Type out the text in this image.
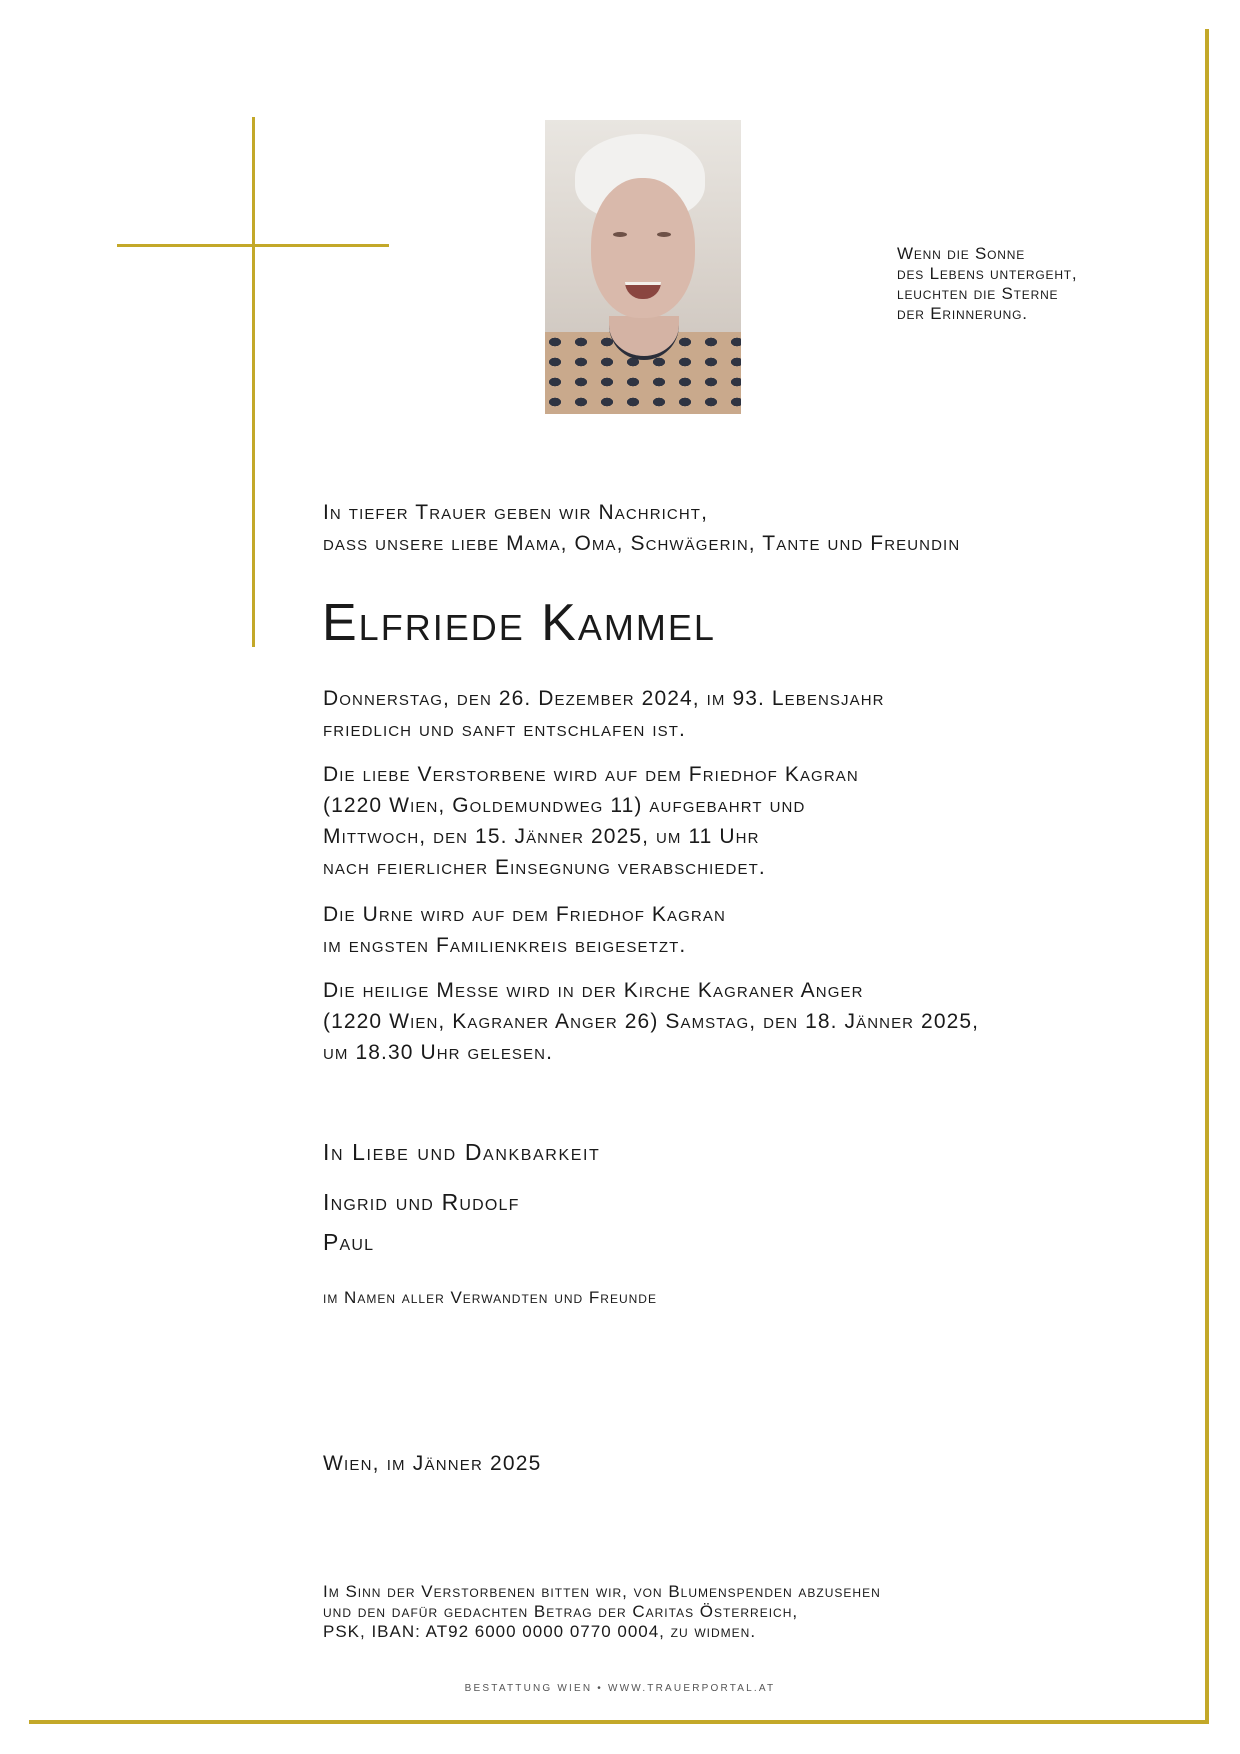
Wenn die Sonne
des Lebens untergeht,
leuchten die Sterne
der Erinnerung.
In tiefer Trauer geben wir Nachricht,
dass unsere liebe Mama, Oma, Schwägerin, Tante und Freundin
Elfriede Kammel
Donnerstag, den 26. Dezember 2024, im 93. Lebensjahr
friedlich und sanft entschlafen ist.
Die liebe Verstorbene wird auf dem Friedhof Kagran
(1220 Wien, Goldemundweg 11) aufgebahrt und
Mittwoch, den 15. Jänner 2025, um 11 Uhr
nach feierlicher Einsegnung verabschiedet.
Die Urne wird auf dem Friedhof Kagran
im engsten Familienkreis beigesetzt.
Die heilige Messe wird in der Kirche Kagraner Anger
(1220 Wien, Kagraner Anger 26) Samstag, den 18. Jänner 2025,
um 18.30 Uhr gelesen.
In Liebe und Dankbarkeit
Ingrid und Rudolf
Paul
im Namen aller Verwandten und Freunde
Wien, im Jänner 2025
Im Sinn der Verstorbenen bitten wir, von Blumenspenden abzusehen
und den dafür gedachten Betrag der Caritas Österreich,
PSK, IBAN: AT92 6000 0000 0770 0004, zu widmen.
BESTATTUNG WIEN • WWW.TRAUERPORTAL.AT
